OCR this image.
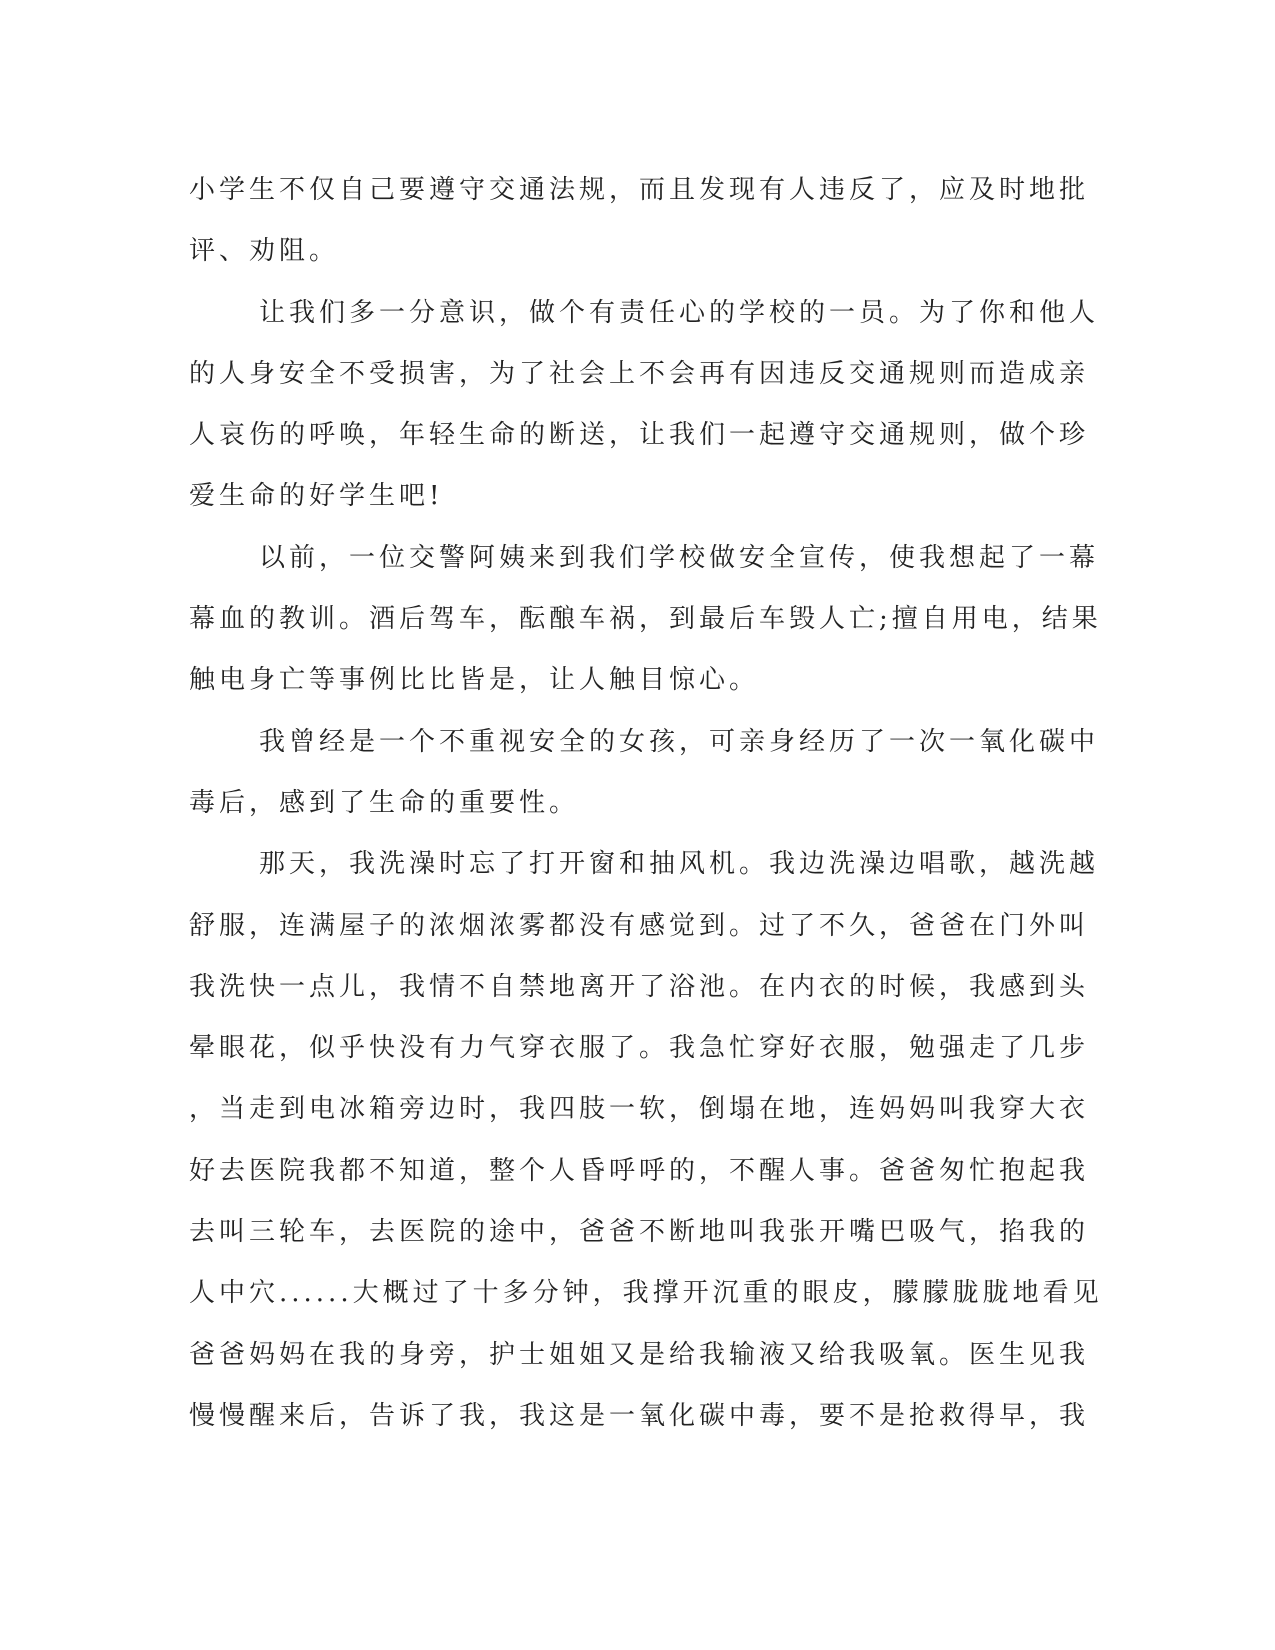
小学生不仅自己要遵守交通法规，而且发现有人违反了，应及时地批
评、劝阻。
让我们多一分意识，做个有责任心的学校的一员。为了你和他人
的人身安全不受损害，为了社会上不会再有因违反交通规则而造成亲
人哀伤的呼唤，年轻生命的断送，让我们一起遵守交通规则，做个珍
爱生命的好学生吧!
以前，一位交警阿姨来到我们学校做安全宣传，使我想起了一幕
幕血的教训。酒后驾车，酝酿车祸，到最后车毁人亡;擅自用电，结果
触电身亡等事例比比皆是，让人触目惊心。
我曾经是一个不重视安全的女孩，可亲身经历了一次一氧化碳中
毒后，感到了生命的重要性。
那天，我洗澡时忘了打开窗和抽风机。我边洗澡边唱歌，越洗越
舒服，连满屋子的浓烟浓雾都没有感觉到。过了不久，爸爸在门外叫
我洗快一点儿，我情不自禁地离开了浴池。在内衣的时候，我感到头
晕眼花，似乎快没有力气穿衣服了。我急忙穿好衣服，勉强走了几步
，当走到电冰箱旁边时，我四肢一软，倒塌在地，连妈妈叫我穿大衣
好去医院我都不知道，整个人昏呼呼的，不醒人事。爸爸匆忙抱起我
去叫三轮车，去医院的途中，爸爸不断地叫我张开嘴巴吸气，掐我的
人中穴......大概过了十多分钟，我撑开沉重的眼皮，朦朦胧胧地看见
爸爸妈妈在我的身旁，护士姐姐又是给我输液又给我吸氧。医生见我
慢慢醒来后，告诉了我，我这是一氧化碳中毒，要不是抢救得早，我
